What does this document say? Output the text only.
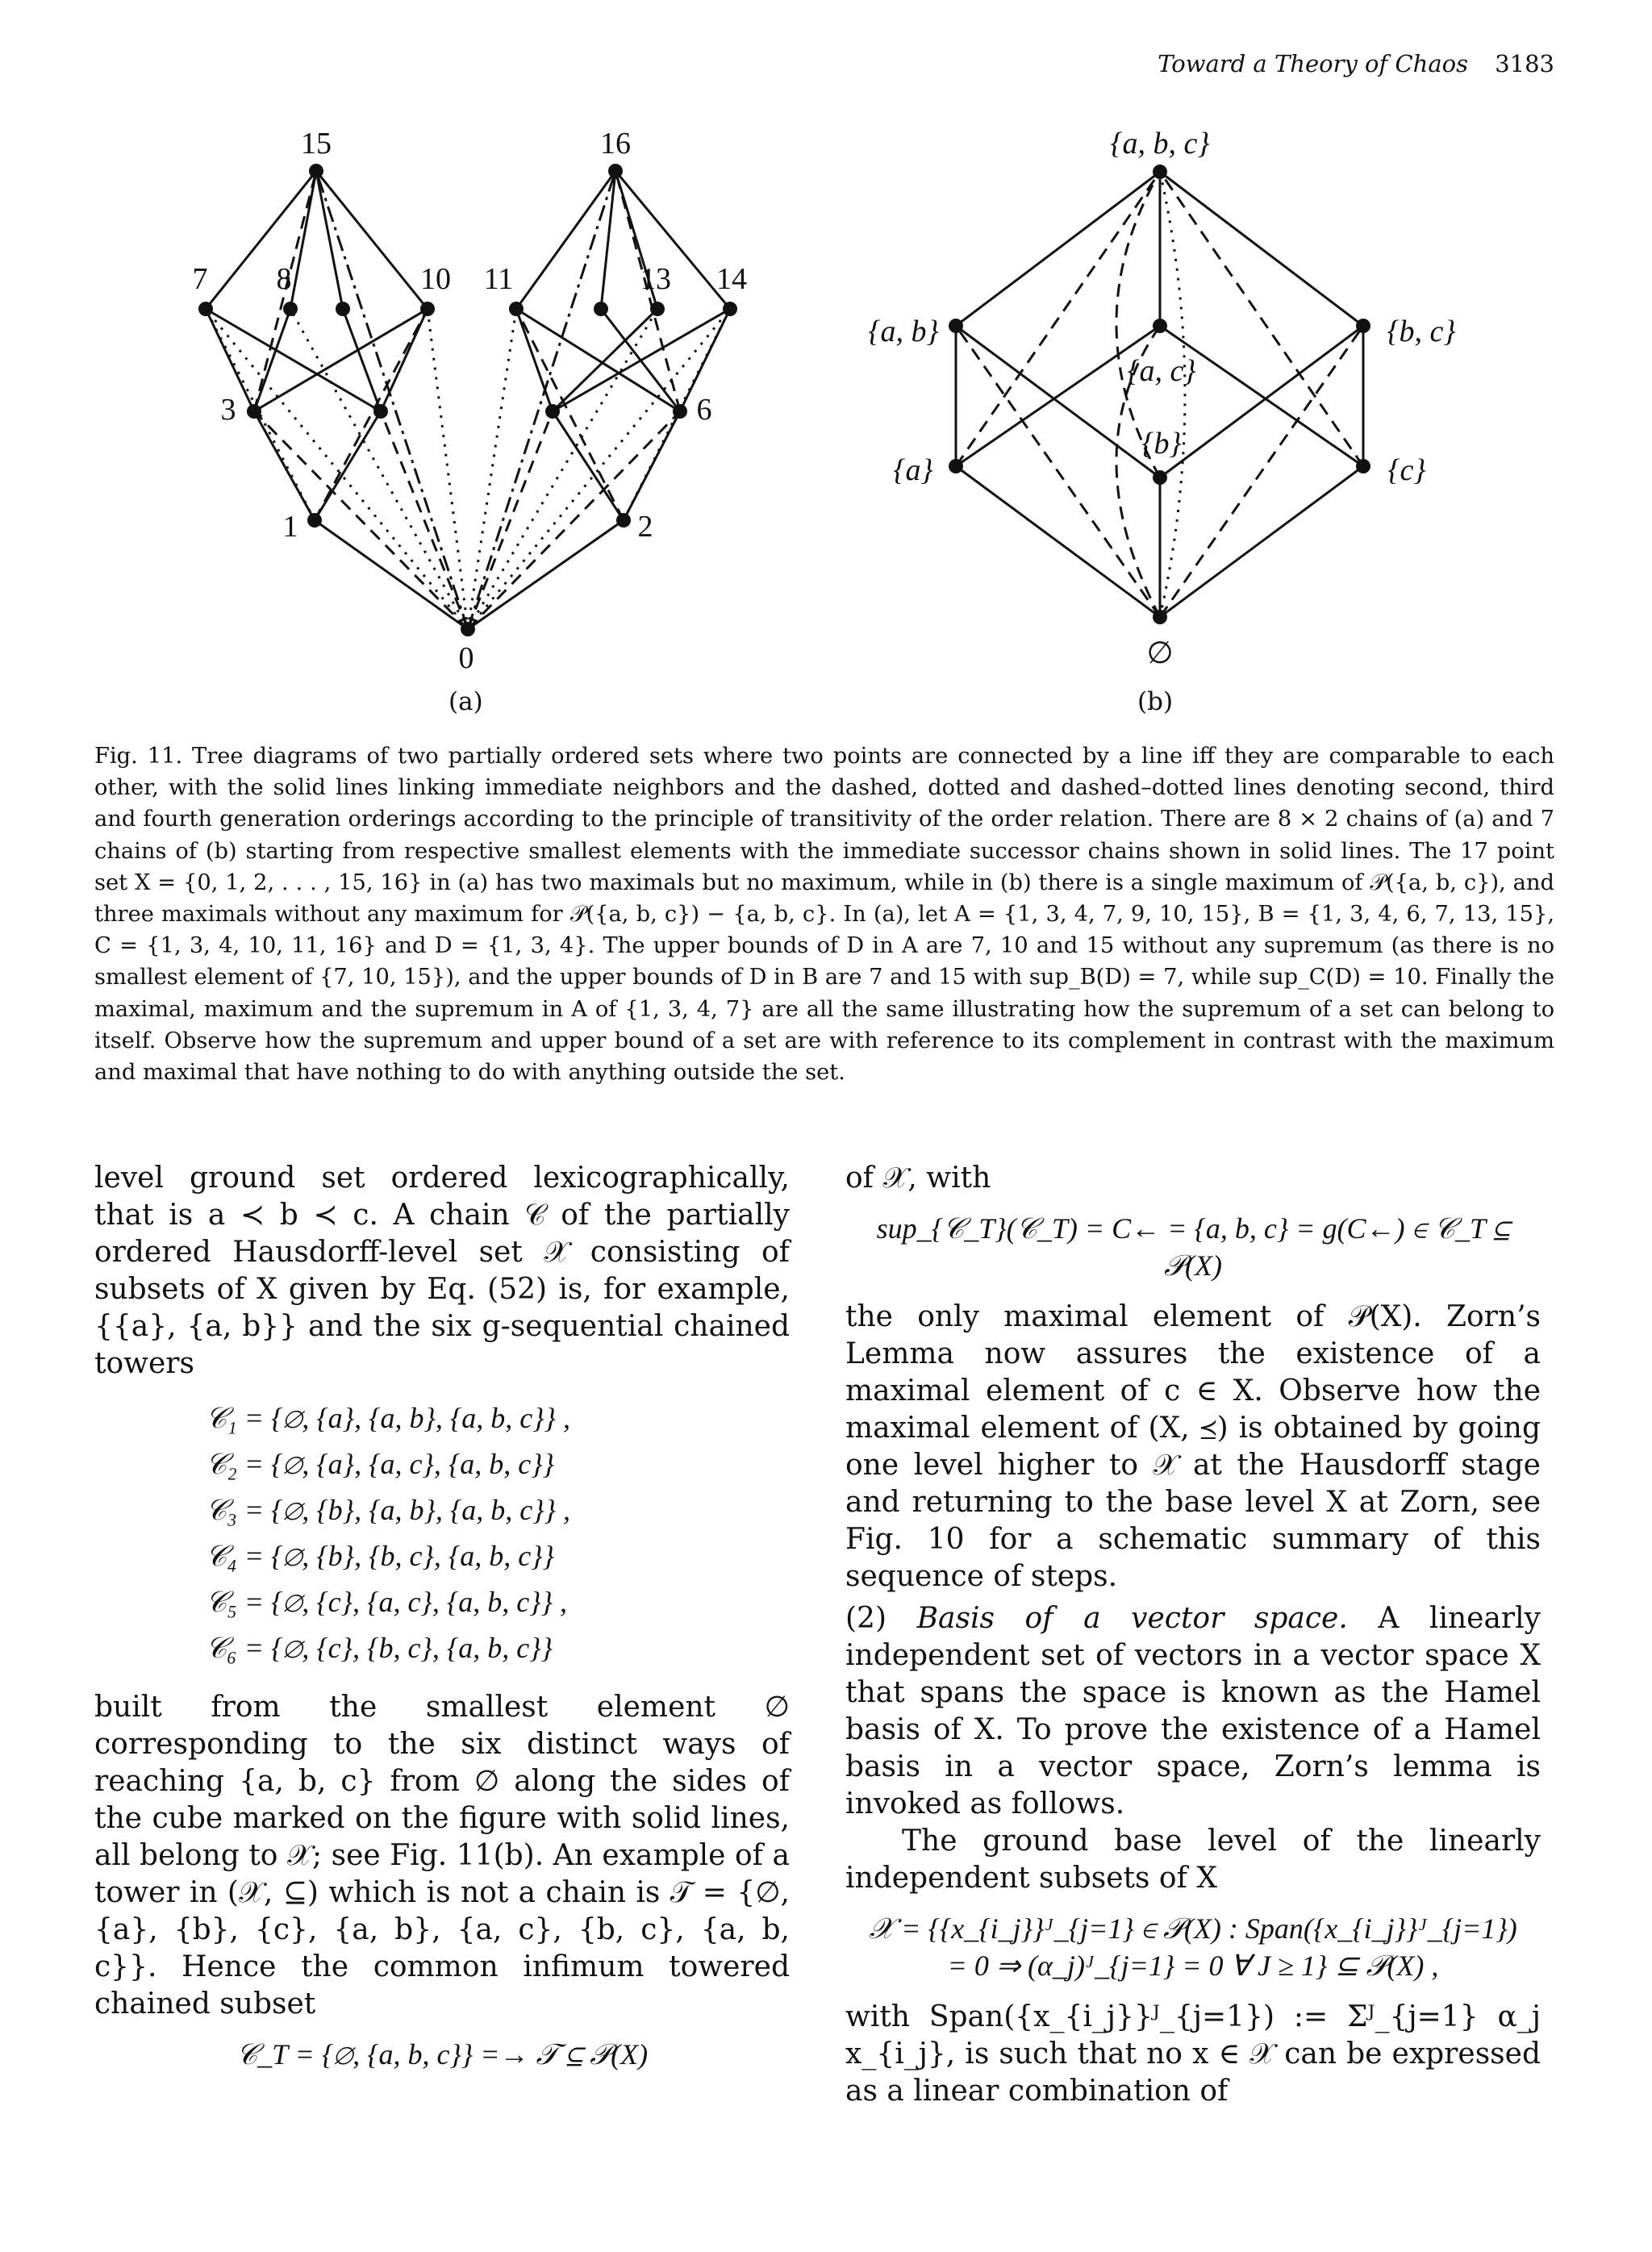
Toward a Theory of Chaos 3183
15	16
7 8	10 11	13 14
3	6
1	2
0
{a, b, c}
{a, b}	{b, c}
{a, c}
{b}
{a}	{c}
∅
(a)	(b)
Fig. 11. Tree diagrams of two partially ordered sets where two points are connected by a line iff they are comparable to each other, with the solid lines linking immediate neighbors and the dashed, dotted and dashed–dotted lines denoting second, third and fourth generation orderings according to the principle of transitivity of the order relation. There are 8 × 2 chains of (a) and 7 chains of (b) starting from respective smallest elements with the immediate successor chains shown in solid lines. The 17 point set X = {0, 1, 2, . . . , 15, 16} in (a) has two maximals but no maximum, while in (b) there is a single maximum of 𝒫({a, b, c}), and three maximals without any maximum for 𝒫({a, b, c}) − {a, b, c}. In (a), let A = {1, 3, 4, 7, 9, 10, 15}, B = {1, 3, 4, 6, 7, 13, 15}, C = {1, 3, 4, 10, 11, 16} and D = {1, 3, 4}. The upper bounds of D in A are 7, 10 and 15 without any supremum (as there is no smallest element of {7, 10, 15}), and the upper bounds of D in B are 7 and 15 with sup_B(D) = 7, while sup_C(D) = 10. Finally the maximal, maximum and the supremum in A of {1, 3, 4, 7} are all the same illustrating how the supremum of a set can belong to itself. Observe how the supremum and upper bound of a set are with reference to its complement in contrast with the maximum and maximal that have nothing to do with anything outside the set.

level ground set ordered lexicographically, that is a ≺ b ≺ c. A chain 𝒞 of the partially ordered Hausdorff-level set 𝒳 consisting of subsets of X given by Eq. (52) is, for example, {{a}, {a, b}} and the six g-sequential chained towers

𝒞₁ = {∅, {a}, {a, b}, {a, b, c}} ,
𝒞₂ = {∅, {a}, {a, c}, {a, b, c}}
𝒞₃ = {∅, {b}, {a, b}, {a, b, c}} ,
𝒞₄ = {∅, {b}, {b, c}, {a, b, c}}
𝒞₅ = {∅, {c}, {a, c}, {a, b, c}} ,
𝒞₆ = {∅, {c}, {b, c}, {a, b, c}}

built from the smallest element ∅ corresponding to the six distinct ways of reaching {a, b, c} from ∅ along the sides of the cube marked on the figure with solid lines, all belong to 𝒳; see Fig. 11(b). An example of a tower in (𝒳, ⊆) which is not a chain is 𝒯 = {∅, {a}, {b}, {c}, {a, b}, {a, c}, {b, c}, {a, b, c}}. Hence the common infimum towered chained subset

𝒞_T = {∅, {a, b, c}} =→ 𝒯 ⊆ 𝒫(X)

of 𝒳, with

sup_{𝒞_T}(𝒞_T) = C← = {a, b, c} = g(C←) ∈ 𝒞_T ⊆ 𝒫(X)

the only maximal element of 𝒫(X). Zorn’s Lemma now assures the existence of a maximal element of c ∈ X. Observe how the maximal element of (X, ⪯) is obtained by going one level higher to 𝒳 at the Hausdorff stage and returning to the base level X at Zorn, see Fig. 10 for a schematic summary of this sequence of steps.

(2) Basis of a vector space. A linearly independent set of vectors in a vector space X that spans the space is known as the Hamel basis of X. To prove the existence of a Hamel basis in a vector space, Zorn’s lemma is invoked as follows.

The ground base level of the linearly independent subsets of X

𝒳 = {{x_{i_j}}ᴶ_{j=1} ∈ 𝒫(X) : Span({x_{i_j}}ᴶ_{j=1})
= 0 ⇒ (α_j)ᴶ_{j=1} = 0 ∀ J ≥ 1} ⊆ 𝒫(X) ,

with Span({x_{i_j}}ᴶ_{j=1}) := Σᴶ_{j=1} α_j x_{i_j}, is such that no x ∈ 𝒳 can be expressed as a linear combination of
